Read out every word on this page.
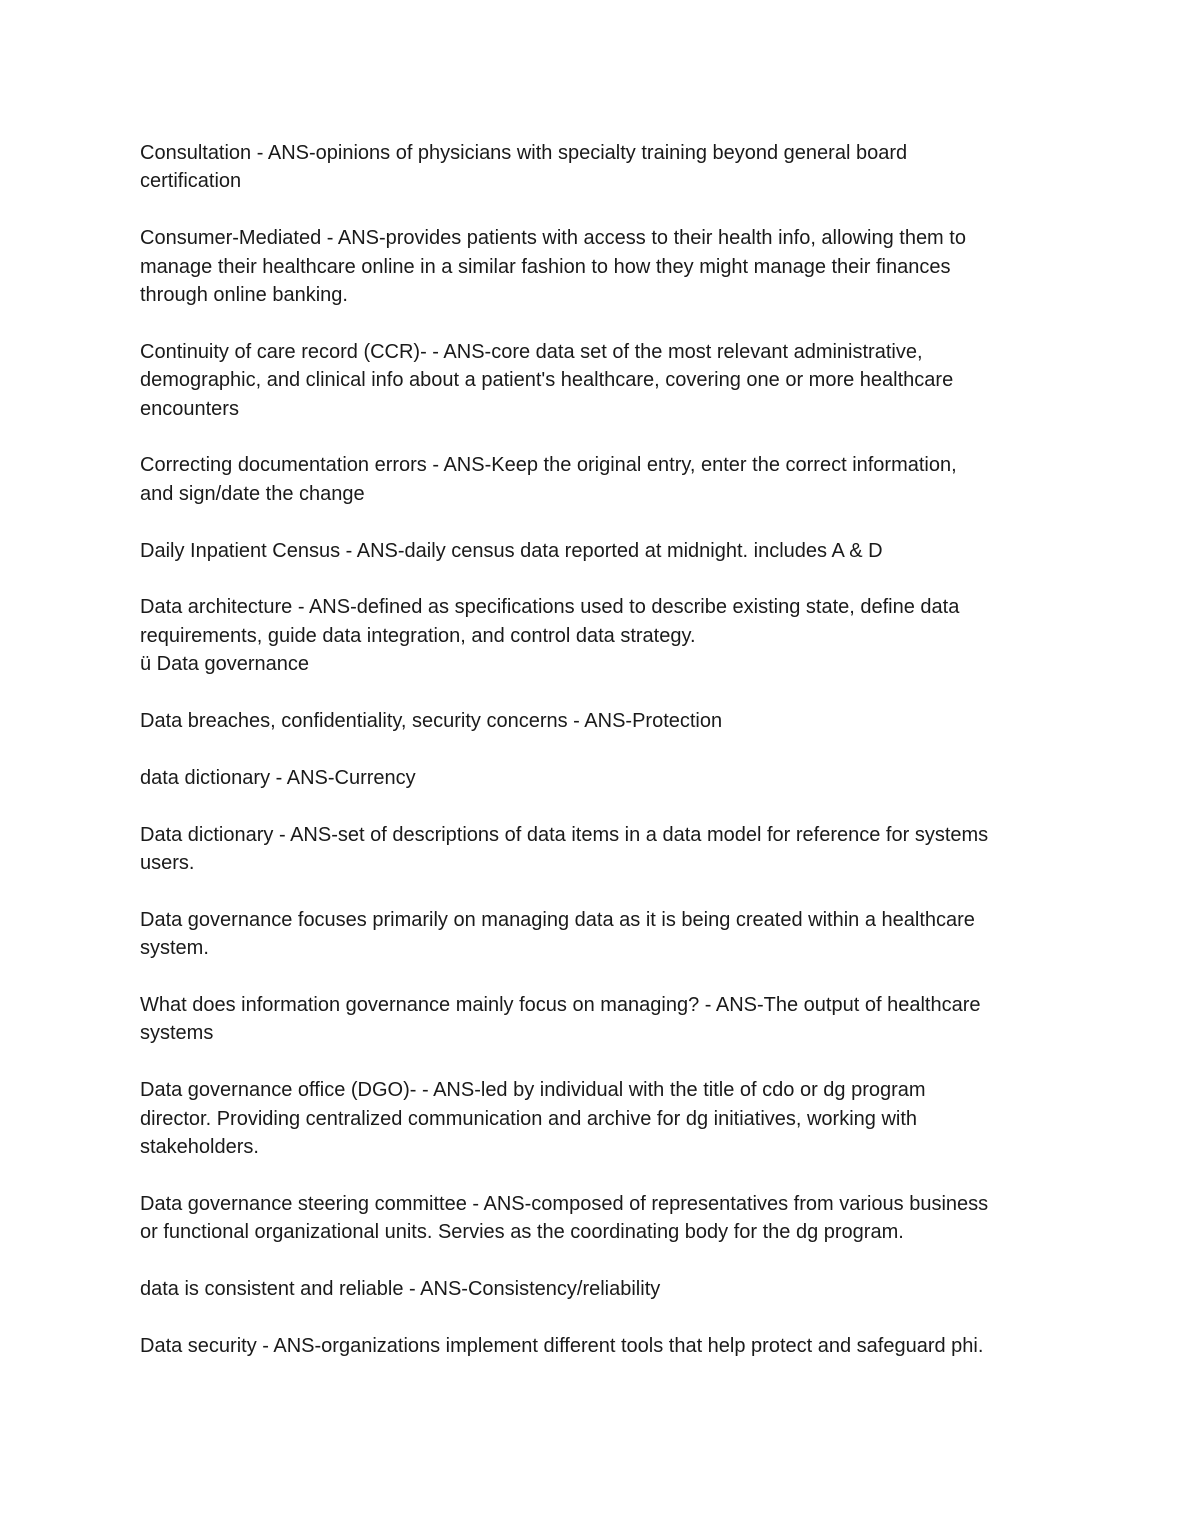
Consultation - ANS-opinions of physicians with specialty training beyond general board
certification

Consumer-Mediated - ANS-provides patients with access to their health info, allowing them to
manage their healthcare online in a similar fashion to how they might manage their finances
through online banking.

Continuity of care record (CCR)- - ANS-core data set of the most relevant administrative,
demographic, and clinical info about a patient's healthcare, covering one or more healthcare
encounters

Correcting documentation errors - ANS-Keep the original entry, enter the correct information,
and sign/date the change

Daily Inpatient Census - ANS-daily census data reported at midnight. includes A & D

Data architecture - ANS-defined as specifications used to describe existing state, define data
requirements, guide data integration, and control data strategy.
ü Data governance

Data breaches, confidentiality, security concerns - ANS-Protection

data dictionary - ANS-Currency

Data dictionary - ANS-set of descriptions of data items in a data model for reference for systems
users.

Data governance focuses primarily on managing data as it is being created within a healthcare
system.

What does information governance mainly focus on managing? - ANS-The output of healthcare
systems

Data governance office (DGO)- - ANS-led by individual with the title of cdo or dg program
director. Providing centralized communication and archive for dg initiatives, working with
stakeholders.

Data governance steering committee - ANS-composed of representatives from various business
or functional organizational units. Servies as the coordinating body for the dg program.

data is consistent and reliable - ANS-Consistency/reliability

Data security - ANS-organizations implement different tools that help protect and safeguard phi.
